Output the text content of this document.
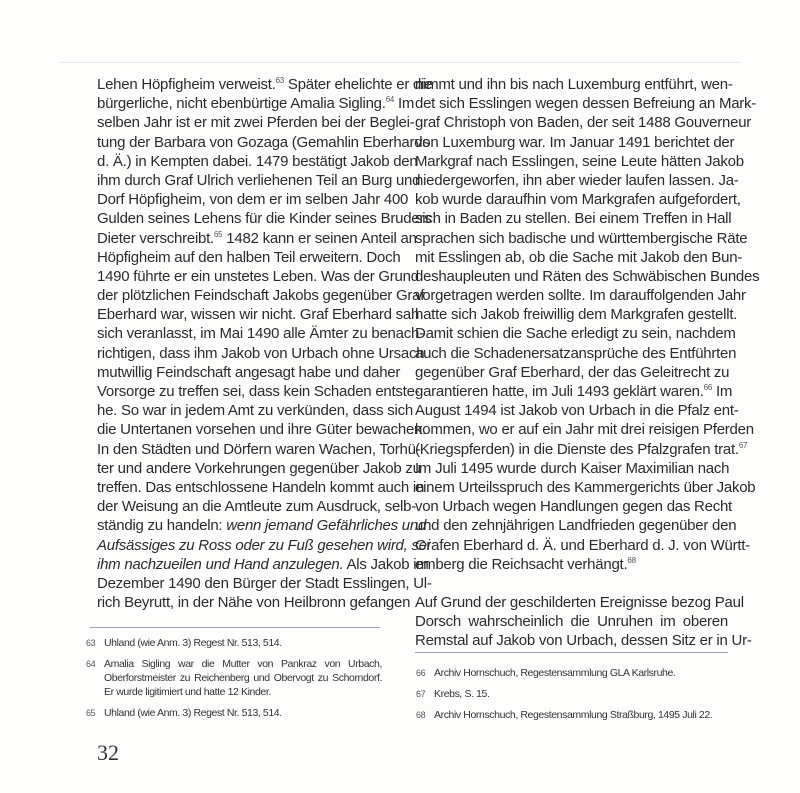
Lehen Höpfigheim verweist.$^{63}$ Später ehelichte er die
bürgerliche, nicht ebenbürtige Amalia Sigling.$^{64}$ Im
selben Jahr ist er mit zwei Pferden bei der Beglei-
tung der Barbara von Gozaga (Gemahlin Eberhards
d. Ä.) in Kempten dabei. 1479 bestätigt Jakob den
ihm durch Graf Ulrich verliehenen Teil an Burg und
Dorf Höpfigheim, von dem er im selben Jahr 400
Gulden seines Lehens für die Kinder seines Bruders
Dieter verschreibt.$^{65}$ 1482 kann er seinen Anteil an
Höpfigheim auf den halben Teil erweitern. Doch
1490 führte er ein unstetes Leben. Was der Grund
der plötzlichen Feindschaft Jakobs gegenüber Graf
Eberhard war, wissen wir nicht. Graf Eberhard sah
sich veranlasst, im Mai 1490 alle Ämter zu benach-
richtigen, dass ihm Jakob von Urbach ohne Ursach
mutwillig Feindschaft angesagt habe und daher
Vorsorge zu treffen sei, dass kein Schaden entste-
he. So war in jedem Amt zu verkünden, dass sich
die Untertanen vorsehen und ihre Güter bewachen.
In den Städten und Dörfern waren Wachen, Torhü-
ter und andere Vorkehrungen gegenüber Jakob zu
treffen. Das entschlossene Handeln kommt auch in
der Weisung an die Amtleute zum Ausdruck, selb-
ständig zu handeln: wenn jemand Gefährliches und
Aufsässiges zu Ross oder zu Fuß gesehen wird, sei
ihm nachzueilen und Hand anzulegen. Als Jakob im
Dezember 1490 den Bürger der Stadt Esslingen, Ul-
rich Beyrutt, in der Nähe von Heilbronn gefangen
nimmt und ihn bis nach Luxemburg entführt, wen-
det sich Esslingen wegen dessen Befreiung an Mark-
graf Christoph von Baden, der seit 1488 Gouverneur
von Luxemburg war. Im Januar 1491 berichtet der
Markgraf nach Esslingen, seine Leute hätten Jakob
niedergeworfen, ihn aber wieder laufen lassen. Ja-
kob wurde daraufhin vom Markgrafen aufgefordert,
sich in Baden zu stellen. Bei einem Treffen in Hall
sprachen sich badische und württembergische Räte
mit Esslingen ab, ob die Sache mit Jakob den Bun-
deshaupleuten und Räten des Schwäbischen Bundes
vorgetragen werden sollte. Im darauffolgenden Jahr
hatte sich Jakob freiwillig dem Markgrafen gestellt.
Damit schien die Sache erledigt zu sein, nachdem
auch die Schadenersatzansprüche des Entführten
gegenüber Graf Eberhard, der das Geleitrecht zu
garantieren hatte, im Juli 1493 geklärt waren.$^{66}$ Im
August 1494 ist Jakob von Urbach in die Pfalz ent-
kommen, wo er auf ein Jahr mit drei reisigen Pferden
(Kriegspferden) in die Dienste des Pfalzgrafen trat.$^{67}$
Im Juli 1495 wurde durch Kaiser Maximilian nach
einem Urteilsspruch des Kammergerichts über Jakob
von Urbach wegen Handlungen gegen das Recht
und den zehnjährigen Landfrieden gegenüber den
Grafen Eberhard d. Ä. und Eberhard d. J. von Württ-
emberg die Reichsacht verhängt.$^{68}$
Auf Grund der geschilderten Ereignisse bezog Paul
Dorsch wahrscheinlich die Unruhen im oberen
Remstal auf Jakob von Urbach, dessen Sitz er in Ur-
63 Uhland (wie Anm. 3) Regest Nr. 513, 514.
64 Amalia Sigling war die Mutter von Pankraz von Urbach, Oberforstmeister zu Reichenberg und Obervogt zu Schorndorf. Er wurde ligitimiert und hatte 12 Kinder.
65 Uhland (wie Anm. 3) Regest Nr. 513, 514.
66 Archiv Hornschuch, Regestensammlung GLA Karlsruhe.
67 Krebs, S. 15.
68 Archiv Hornschuch, Regestensammlung Straßburg, 1495 Juli 22.
32
